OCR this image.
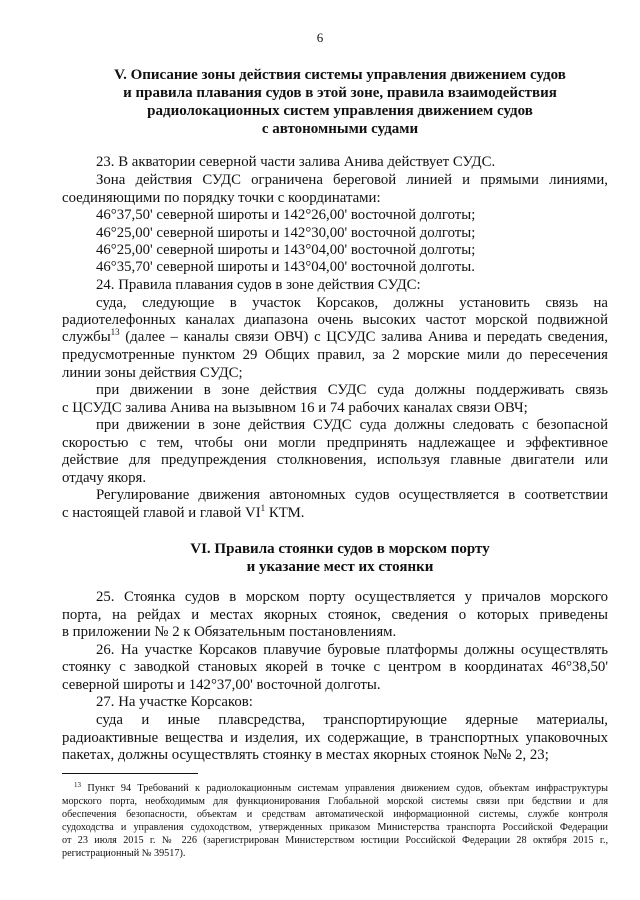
6
V. Описание зоны действия системы управления движением судов
и правила плавания судов в этой зоне, правила взаимодействия
радиолокационных систем управления движением судов
с автономными судами
23. В акватории северной части залива Анива действует СУДС.
Зона действия СУДС ограничена береговой линией и прямыми линиями,
соединяющими по порядку точки с координатами:
46°37,50' северной широты и 142°26,00' восточной долготы;
46°25,00' северной широты и 142°30,00' восточной долготы;
46°25,00' северной широты и 143°04,00' восточной долготы;
46°35,70' северной широты и 143°04,00' восточной долготы.
24. Правила плавания судов в зоне действия СУДС:
суда, следующие в участок Корсаков, должны установить связь на
радиотелефонных каналах диапазона очень высоких частот морской подвижной
службы$^{13}$ (далее – каналы связи ОВЧ) с ЦСУДС залива Анива и передать сведения,
предусмотренные пунктом 29 Общих правил, за 2 морские мили до пересечения
линии зоны действия СУДС;
при движении в зоне действия СУДС суда должны поддерживать связь
с ЦСУДС залива Анива на вызывном 16 и 74 рабочих каналах связи ОВЧ;
при движении в зоне действия СУДС суда должны следовать с безопасной
скоростью с тем, чтобы они могли предпринять надлежащее и эффективное
действие для предупреждения столкновения, используя главные двигатели или
отдачу якоря.
Регулирование движения автономных судов осуществляется в соответствии
с настоящей главой и главой $VI^1$ КТМ.
VI. Правила стоянки судов в морском порту
и указание мест их стоянки
25. Стоянка судов в морском порту осуществляется у причалов морского
порта, на рейдах и местах якорных стоянок, сведения о которых приведены
в приложении № 2 к Обязательным постановлениям.
26. На участке Корсаков плавучие буровые платформы должны осуществлять
стоянку с заводкой становых якорей в точке с центром в координатах 46°38,50'
северной широты и 142°37,00' восточной долготы.
27. На участке Корсаков:
суда и иные плавсредства, транспортирующие ядерные материалы,
радиоактивные вещества и изделия, их содержащие, в транспортных упаковочных
пакетах, должны осуществлять стоянку в местах якорных стоянок №№ 2, 23;
$^{13}$ Пункт 94 Требований к радиолокационным системам управления движением судов, объектам инфраструктуры
морского порта, необходимым для функционирования Глобальной морской системы связи при бедствии и для
обеспечения безопасности, объектам и средствам автоматической информационной системы, службе контроля
судоходства и управления судоходством, утвержденных приказом Министерства транспорта Российской Федерации
от 23 июля 2015 г. № 226 (зарегистрирован Министерством юстиции Российской Федерации 28 октября 2015 г.,
регистрационный № 39517).
